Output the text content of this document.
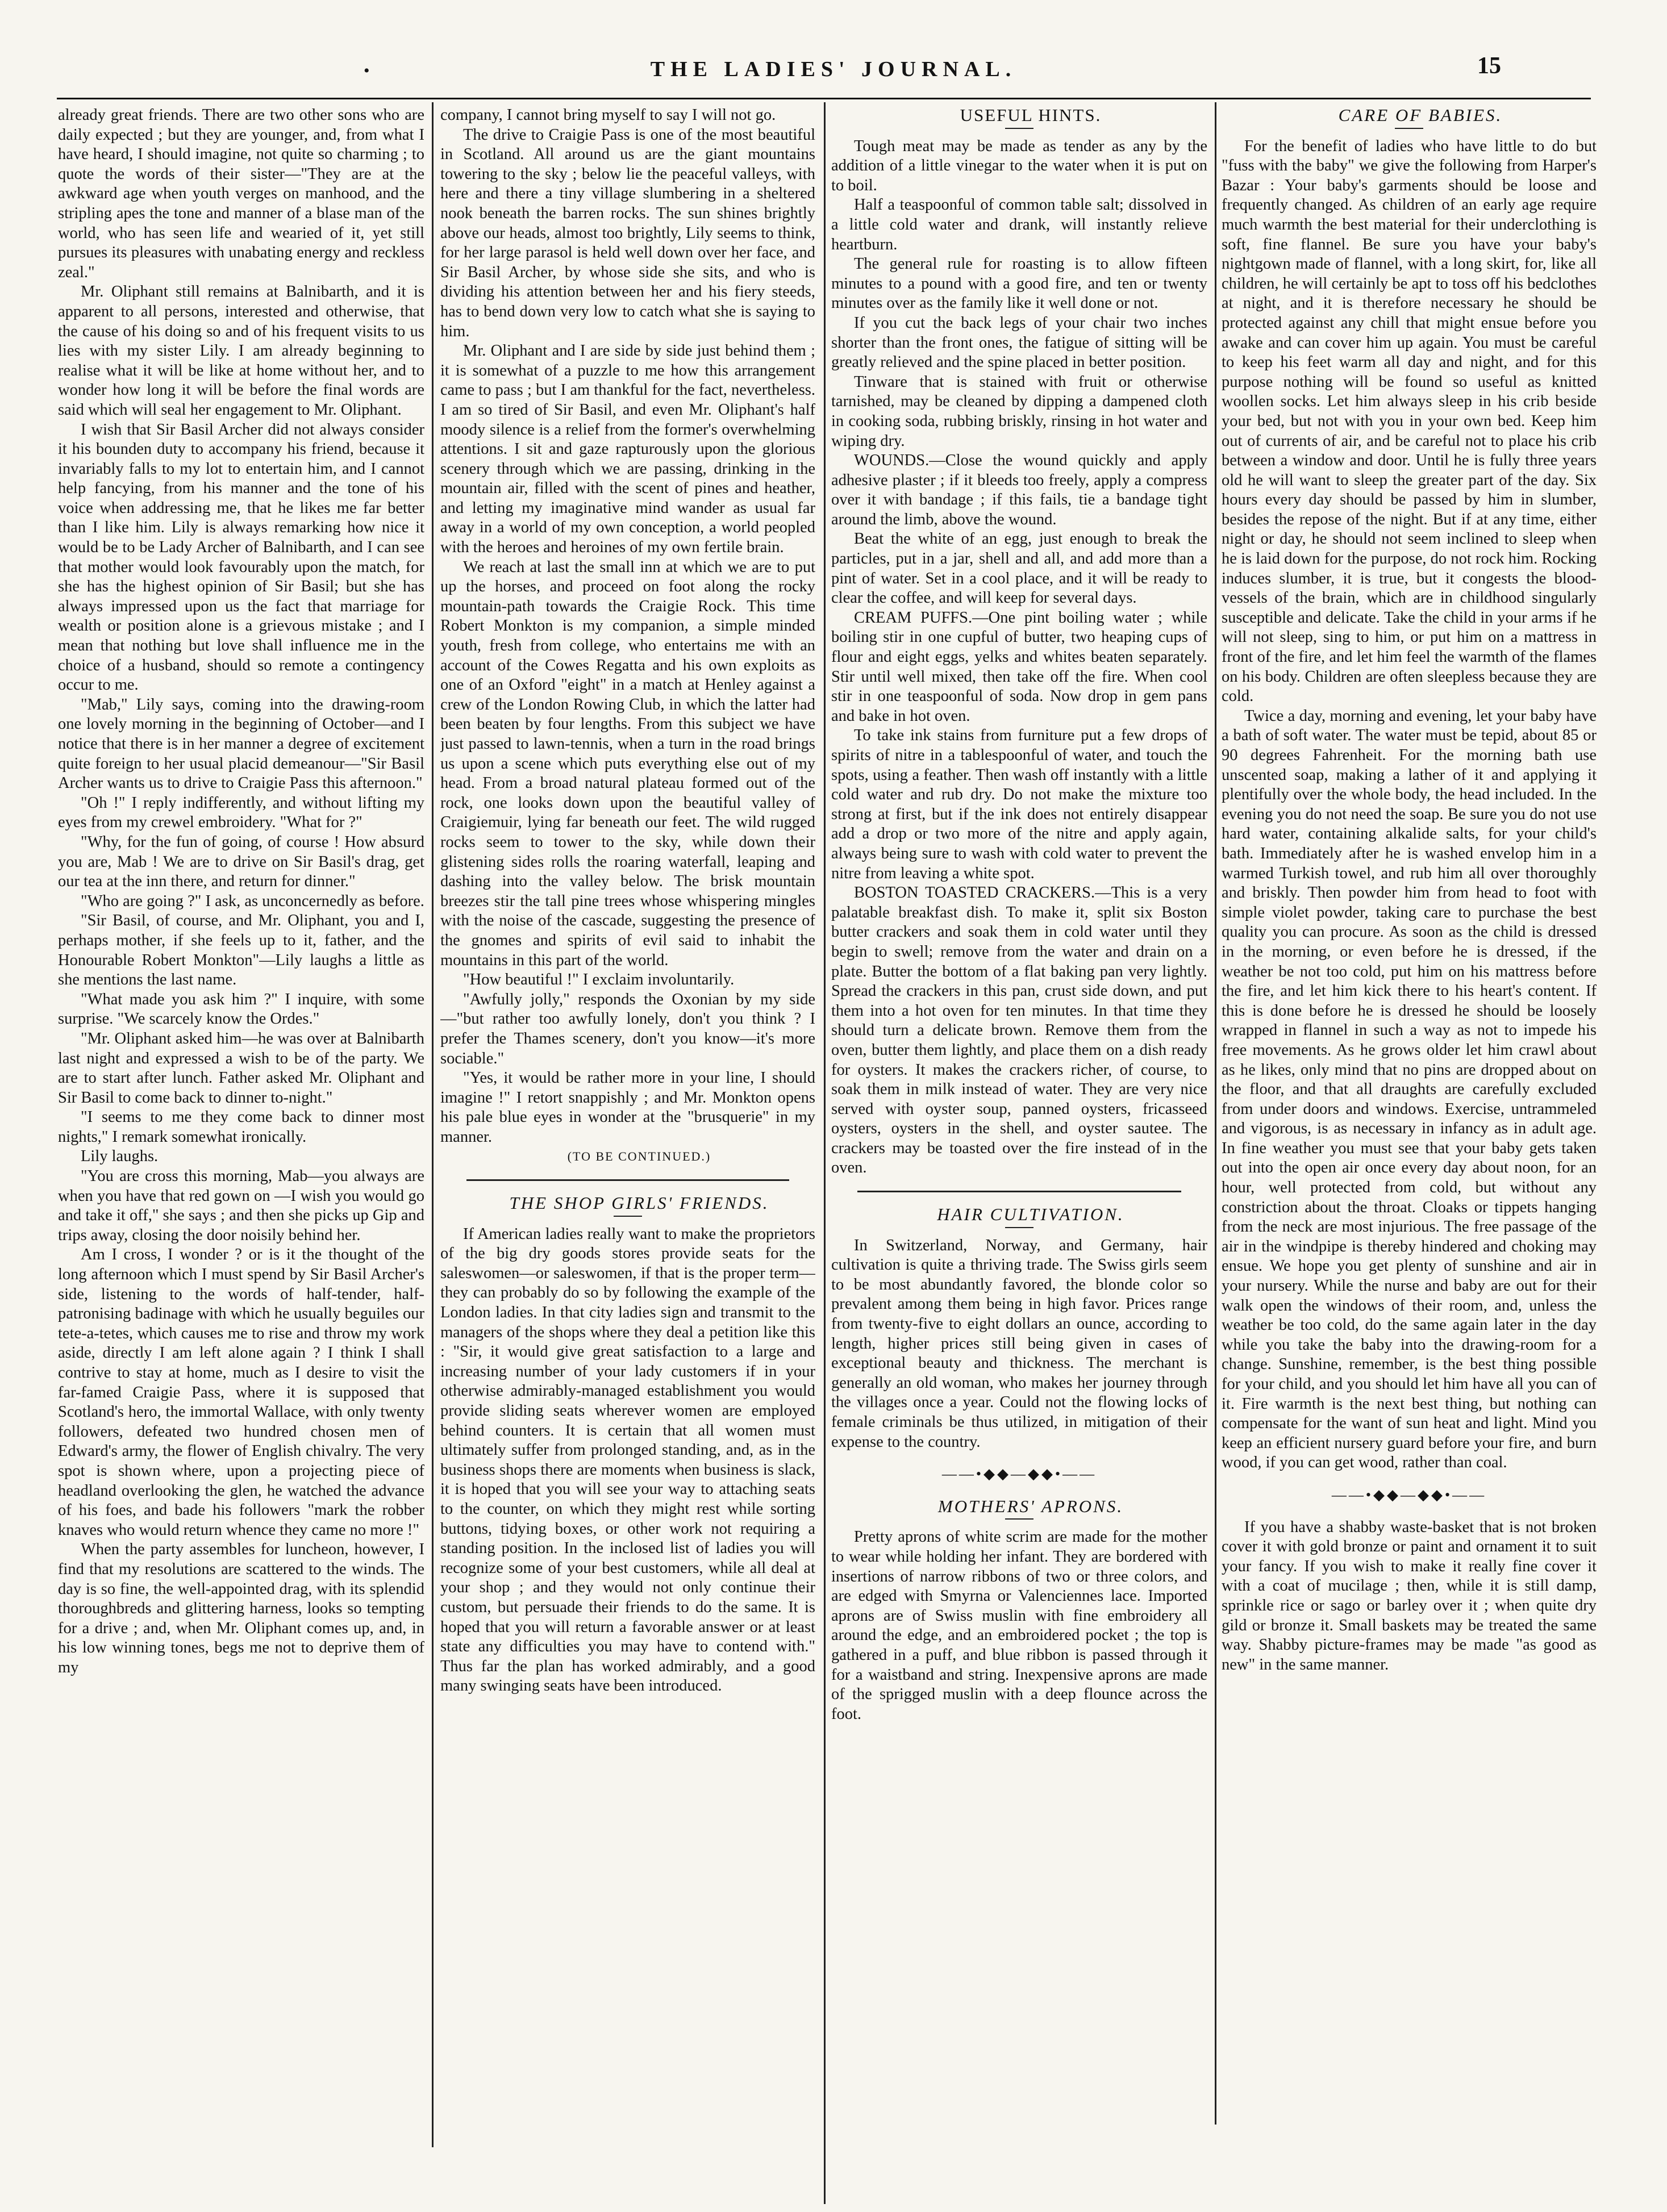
•	THE LADIES' JOURNAL.	15

already great friends. There are two other sons who are daily expected ; but they are younger, and, from what I have heard, I should imagine, not quite so charming ; to quote the words of their sister—"They are at the awkward age when youth verges on manhood, and the stripling apes the tone and manner of a blase man of the world, who has seen life and wearied of it, yet still pursues its pleasures with unabating energy and reckless zeal."

Mr. Oliphant still remains at Balnibarth, and it is apparent to all persons, interested and otherwise, that the cause of his doing so and of his frequent visits to us lies with my sister Lily. I am already beginning to realise what it will be like at home without her, and to wonder how long it will be before the final words are said which will seal her engagement to Mr. Oliphant.

I wish that Sir Basil Archer did not always consider it his bounden duty to accompany his friend, because it invariably falls to my lot to entertain him, and I cannot help fancying, from his manner and the tone of his voice when addressing me, that he likes me far better than I like him. Lily is always remarking how nice it would be to be Lady Archer of Balnibarth, and I can see that mother would look favourably upon the match, for she has the highest opinion of Sir Basil; but she has always impressed upon us the fact that marriage for wealth or position alone is a grievous mistake ; and I mean that nothing but love shall influence me in the choice of a husband, should so remote a contingency occur to me.

"Mab," Lily says, coming into the drawing-room one lovely morning in the beginning of October—and I notice that there is in her manner a degree of excitement quite foreign to her usual placid demeanour—"Sir Basil Archer wants us to drive to Craigie Pass this afternoon."

"Oh !" I reply indifferently, and without lifting my eyes from my crewel embroidery. "What for ?"

"Why, for the fun of going, of course ! How absurd you are, Mab ! We are to drive on Sir Basil's drag, get our tea at the inn there, and return for dinner."

"Who are going ?" I ask, as unconcernedly as before.

"Sir Basil, of course, and Mr. Oliphant, you and I, perhaps mother, if she feels up to it, father, and the Honourable Robert Monkton"—Lily laughs a little as she mentions the last name.

"What made you ask him ?" I inquire, with some surprise. "We scarcely know the Ordes."

"Mr. Oliphant asked him—he was over at Balnibarth last night and expressed a wish to be of the party. We are to start after lunch. Father asked Mr. Oliphant and Sir Basil to come back to dinner to-night."

"I seems to me they come back to dinner most nights," I remark somewhat ironically.

Lily laughs.

"You are cross this morning, Mab—you always are when you have that red gown on —I wish you would go and take it off," she says ; and then she picks up Gip and trips away, closing the door noisily behind her.

Am I cross, I wonder ? or is it the thought of the long afternoon which I must spend by Sir Basil Archer's side, listening to the words of half-tender, half-patronising badinage with which he usually beguiles our tete-a-tetes, which causes me to rise and throw my work aside, directly I am left alone again ? I think I shall contrive to stay at home, much as I desire to visit the far-famed Craigie Pass, where it is supposed that Scotland's hero, the immortal Wallace, with only twenty followers, defeated two hundred chosen men of Edward's army, the flower of English chivalry. The very spot is shown where, upon a projecting piece of headland overlooking the glen, he watched the advance of his foes, and bade his followers "mark the robber knaves who would return whence they came no more !"

When the party assembles for luncheon, however, I find that my resolutions are scattered to the winds. The day is so fine, the well-appointed drag, with its splendid thoroughbreds and glittering harness, looks so tempting for a drive ; and, when Mr. Oliphant comes up, and, in his low winning tones, begs me not to deprive them of my

company, I cannot bring myself to say I will not go.

The drive to Craigie Pass is one of the most beautiful in Scotland. All around us are the giant mountains towering to the sky ; below lie the peaceful valleys, with here and there a tiny village slumbering in a sheltered nook beneath the barren rocks. The sun shines brightly above our heads, almost too brightly, Lily seems to think, for her large parasol is held well down over her face, and Sir Basil Archer, by whose side she sits, and who is dividing his attention between her and his fiery steeds, has to bend down very low to catch what she is saying to him.

Mr. Oliphant and I are side by side just behind them ; it is somewhat of a puzzle to me how this arrangement came to pass ; but I am thankful for the fact, nevertheless. I am so tired of Sir Basil, and even Mr. Oliphant's half moody silence is a relief from the former's overwhelming attentions. I sit and gaze rapturously upon the glorious scenery through which we are passing, drinking in the mountain air, filled with the scent of pines and heather, and letting my imaginative mind wander as usual far away in a world of my own conception, a world peopled with the heroes and heroines of my own fertile brain.

We reach at last the small inn at which we are to put up the horses, and proceed on foot along the rocky mountain-path towards the Craigie Rock. This time Robert Monkton is my companion, a simple minded youth, fresh from college, who entertains me with an account of the Cowes Regatta and his own exploits as one of an Oxford "eight" in a match at Henley against a crew of the London Rowing Club, in which the latter had been beaten by four lengths. From this subject we have just passed to lawn-tennis, when a turn in the road brings us upon a scene which puts everything else out of my head. From a broad natural plateau formed out of the rock, one looks down upon the beautiful valley of Craigiemuir, lying far beneath our feet. The wild rugged rocks seem to tower to the sky, while down their glistening sides rolls the roaring waterfall, leaping and dashing into the valley below. The brisk mountain breezes stir the tall pine trees whose whispering mingles with the noise of the cascade, suggesting the presence of the gnomes and spirits of evil said to inhabit the mountains in this part of the world.

"How beautiful !" I exclaim involuntarily.

"Awfully jolly," responds the Oxonian by my side—"but rather too awfully lonely, don't you think ? I prefer the Thames scenery, don't you know—it's more sociable."

"Yes, it would be rather more in your line, I should imagine !" I retort snappishly ; and Mr. Monkton opens his pale blue eyes in wonder at the "brusquerie" in my manner.

(TO BE CONTINUED.)

THE SHOP GIRLS' FRIENDS.

If American ladies really want to make the proprietors of the big dry goods stores provide seats for the saleswomen—or saleswomen, if that is the proper term—they can probably do so by following the example of the London ladies. In that city ladies sign and transmit to the managers of the shops where they deal a petition like this : "Sir, it would give great satisfaction to a large and increasing number of your lady customers if in your otherwise admirably-managed establishment you would provide sliding seats wherever women are employed behind counters. It is certain that all women must ultimately suffer from prolonged standing, and, as in the business shops there are moments when business is slack, it is hoped that you will see your way to attaching seats to the counter, on which they might rest while sorting buttons, tidying boxes, or other work not requiring a standing position. In the inclosed list of ladies you will recognize some of your best customers, while all deal at your shop ; and they would not only continue their custom, but persuade their friends to do the same. It is hoped that you will return a favorable answer or at least state any difficulties you may have to contend with." Thus far the plan has worked admirably, and a good many swinging seats have been introduced.

USEFUL HINTS.

Tough meat may be made as tender as any by the addition of a little vinegar to the water when it is put on to boil.

Half a teaspoonful of common table salt; dissolved in a little cold water and drank, will instantly relieve heartburn.

The general rule for roasting is to allow fifteen minutes to a pound with a good fire, and ten or twenty minutes over as the family like it well done or not.

If you cut the back legs of your chair two inches shorter than the front ones, the fatigue of sitting will be greatly relieved and the spine placed in better position.

Tinware that is stained with fruit or otherwise tarnished, may be cleaned by dipping a dampened cloth in cooking soda, rubbing briskly, rinsing in hot water and wiping dry.

WOUNDS.—Close the wound quickly and apply adhesive plaster ; if it bleeds too freely, apply a compress over it with bandage ; if this fails, tie a bandage tight around the limb, above the wound.

Beat the white of an egg, just enough to break the particles, put in a jar, shell and all, and add more than a pint of water. Set in a cool place, and it will be ready to clear the coffee, and will keep for several days.

CREAM PUFFS.—One pint boiling water ; while boiling stir in one cupful of butter, two heaping cups of flour and eight eggs, yelks and whites beaten separately. Stir until well mixed, then take off the fire. When cool stir in one teaspoonful of soda. Now drop in gem pans and bake in hot oven.

To take ink stains from furniture put a few drops of spirits of nitre in a tablespoonful of water, and touch the spots, using a feather. Then wash off instantly with a little cold water and rub dry. Do not make the mixture too strong at first, but if the ink does not entirely disappear add a drop or two more of the nitre and apply again, always being sure to wash with cold water to prevent the nitre from leaving a white spot.

BOSTON TOASTED CRACKERS.—This is a very palatable breakfast dish. To make it, split six Boston butter crackers and soak them in cold water until they begin to swell; remove from the water and drain on a plate. Butter the bottom of a flat baking pan very lightly. Spread the crackers in this pan, crust side down, and put them into a hot oven for ten minutes. In that time they should turn a delicate brown. Remove them from the oven, butter them lightly, and place them on a dish ready for oysters. It makes the crackers richer, of course, to soak them in milk instead of water. They are very nice served with oyster soup, panned oysters, fricasseed oysters, oysters in the shell, and oyster sautee. The crackers may be toasted over the fire instead of in the oven.

HAIR CULTIVATION.

In Switzerland, Norway, and Germany, hair cultivation is quite a thriving trade. The Swiss girls seem to be most abundantly favored, the blonde color so prevalent among them being in high favor. Prices range from twenty-five to eight dollars an ounce, according to length, higher prices still being given in cases of exceptional beauty and thickness. The merchant is generally an old woman, who makes her journey through the villages once a year. Could not the flowing locks of female criminals be thus utilized, in mitigation of their expense to the country.

——•◆◆—◆◆•——

MOTHERS' APRONS.

Pretty aprons of white scrim are made for the mother to wear while holding her infant. They are bordered with insertions of narrow ribbons of two or three colors, and are edged with Smyrna or Valenciennes lace. Imported aprons are of Swiss muslin with fine embroidery all around the edge, and an embroidered pocket ; the top is gathered in a puff, and blue ribbon is passed through it for a waistband and string. Inexpensive aprons are made of the sprigged muslin with a deep flounce across the foot.

CARE OF BABIES.

For the benefit of ladies who have little to do but "fuss with the baby" we give the following from Harper's Bazar : Your baby's garments should be loose and frequently changed. As children of an early age require much warmth the best material for their underclothing is soft, fine flannel. Be sure you have your baby's nightgown made of flannel, with a long skirt, for, like all children, he will certainly be apt to toss off his bedclothes at night, and it is therefore necessary he should be protected against any chill that might ensue before you awake and can cover him up again. You must be careful to keep his feet warm all day and night, and for this purpose nothing will be found so useful as knitted woollen socks. Let him always sleep in his crib beside your bed, but not with you in your own bed. Keep him out of currents of air, and be careful not to place his crib between a window and door. Until he is fully three years old he will want to sleep the greater part of the day. Six hours every day should be passed by him in slumber, besides the repose of the night. But if at any time, either night or day, he should not seem inclined to sleep when he is laid down for the purpose, do not rock him. Rocking induces slumber, it is true, but it congests the blood-vessels of the brain, which are in childhood singularly susceptible and delicate. Take the child in your arms if he will not sleep, sing to him, or put him on a mattress in front of the fire, and let him feel the warmth of the flames on his body. Children are often sleepless because they are cold.

Twice a day, morning and evening, let your baby have a bath of soft water. The water must be tepid, about 85 or 90 degrees Fahrenheit. For the morning bath use unscented soap, making a lather of it and applying it plentifully over the whole body, the head included. In the evening you do not need the soap. Be sure you do not use hard water, containing alkalide salts, for your child's bath. Immediately after he is washed envelop him in a warmed Turkish towel, and rub him all over thoroughly and briskly. Then powder him from head to foot with simple violet powder, taking care to purchase the best quality you can procure. As soon as the child is dressed in the morning, or even before he is dressed, if the weather be not too cold, put him on his mattress before the fire, and let him kick there to his heart's content. If this is done before he is dressed he should be loosely wrapped in flannel in such a way as not to impede his free movements. As he grows older let him crawl about as he likes, only mind that no pins are dropped about on the floor, and that all draughts are carefully excluded from under doors and windows. Exercise, untrammeled and vigorous, is as necessary in infancy as in adult age. In fine weather you must see that your baby gets taken out into the open air once every day about noon, for an hour, well protected from cold, but without any constriction about the throat. Cloaks or tippets hanging from the neck are most injurious. The free passage of the air in the windpipe is thereby hindered and choking may ensue. We hope you get plenty of sunshine and air in your nursery. While the nurse and baby are out for their walk open the windows of their room, and, unless the weather be too cold, do the same again later in the day while you take the baby into the drawing-room for a change. Sunshine, remember, is the best thing possible for your child, and you should let him have all you can of it. Fire warmth is the next best thing, but nothing can compensate for the want of sun heat and light. Mind you keep an efficient nursery guard before your fire, and burn wood, if you can get wood, rather than coal.

——•◆◆—◆◆•——

If you have a shabby waste-basket that is not broken cover it with gold bronze or paint and ornament it to suit your fancy. If you wish to make it really fine cover it with a coat of mucilage ; then, while it is still damp, sprinkle rice or sago or barley over it ; when quite dry gild or bronze it. Small baskets may be treated the same way. Shabby picture-frames may be made "as good as new" in the same manner.
